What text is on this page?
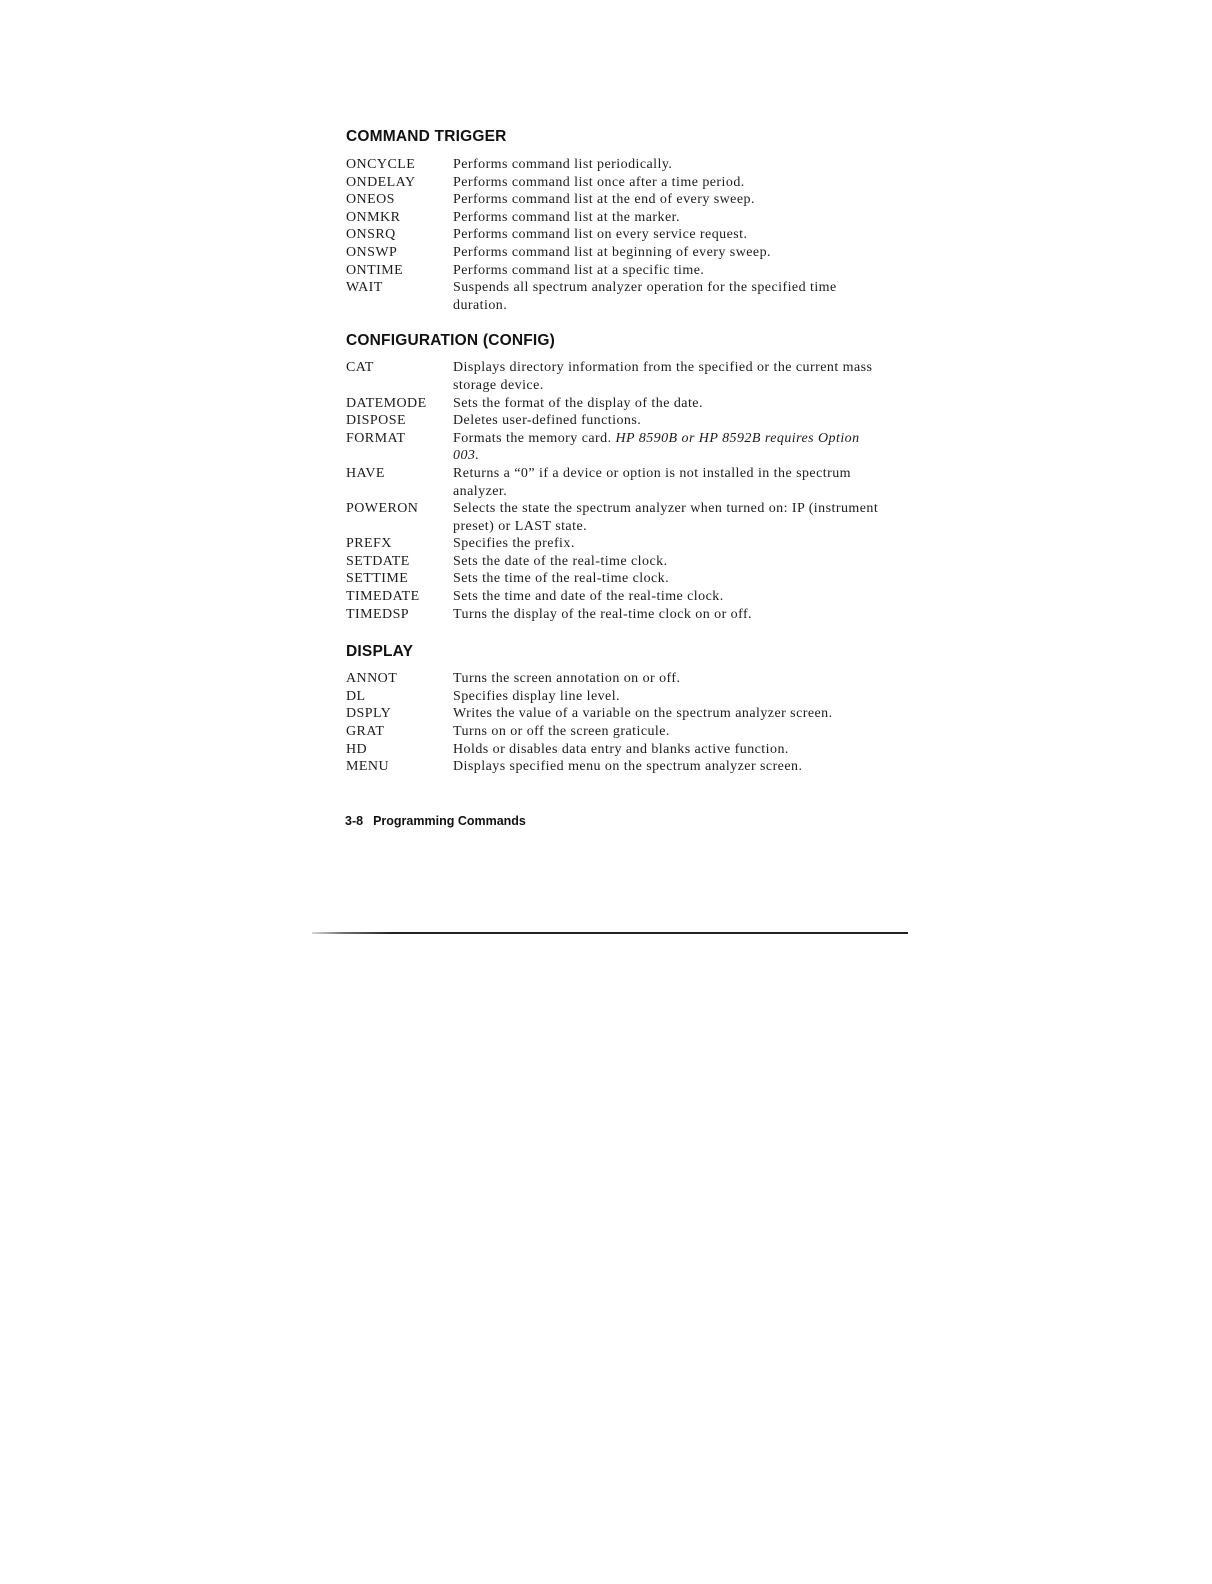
COMMAND TRIGGER
ONCYCLE	Performs command list periodically.
ONDELAY	Performs command list once after a time period.
ONEOS	Performs command list at the end of every sweep.
ONMKR	Performs command list at the marker.
ONSRQ	Performs command list on every service request.
ONSWP	Performs command list at beginning of every sweep.
ONTIME	Performs command list at a specific time.
WAIT	Suspends all spectrum analyzer operation for the specified time duration.
CONFIGURATION (CONFIG)
CAT	Displays directory information from the specified or the current mass storage device.
DATEMODE	Sets the format of the display of the date.
DISPOSE	Deletes user-defined functions.
FORMAT	Formats the memory card. HP 8590B or HP 8592B requires Option 003.
HAVE	Returns a “0” if a device or option is not installed in the spectrum analyzer.
POWERON	Selects the state the spectrum analyzer when turned on: IP (instrument preset) or LAST state.
PREFX	Specifies the prefix.
SETDATE	Sets the date of the real-time clock.
SETTIME	Sets the time of the real-time clock.
TIMEDATE	Sets the time and date of the real-time clock.
TIMEDSP	Turns the display of the real-time clock on or off.
DISPLAY
ANNOT	Turns the screen annotation on or off.
DL	Specifies display line level.
DSPLY	Writes the value of a variable on the spectrum analyzer screen.
GRAT	Turns on or off the screen graticule.
HD	Holds or disables data entry and blanks active function.
MENU	Displays specified menu on the spectrum analyzer screen.
3-8 Programming Commands
